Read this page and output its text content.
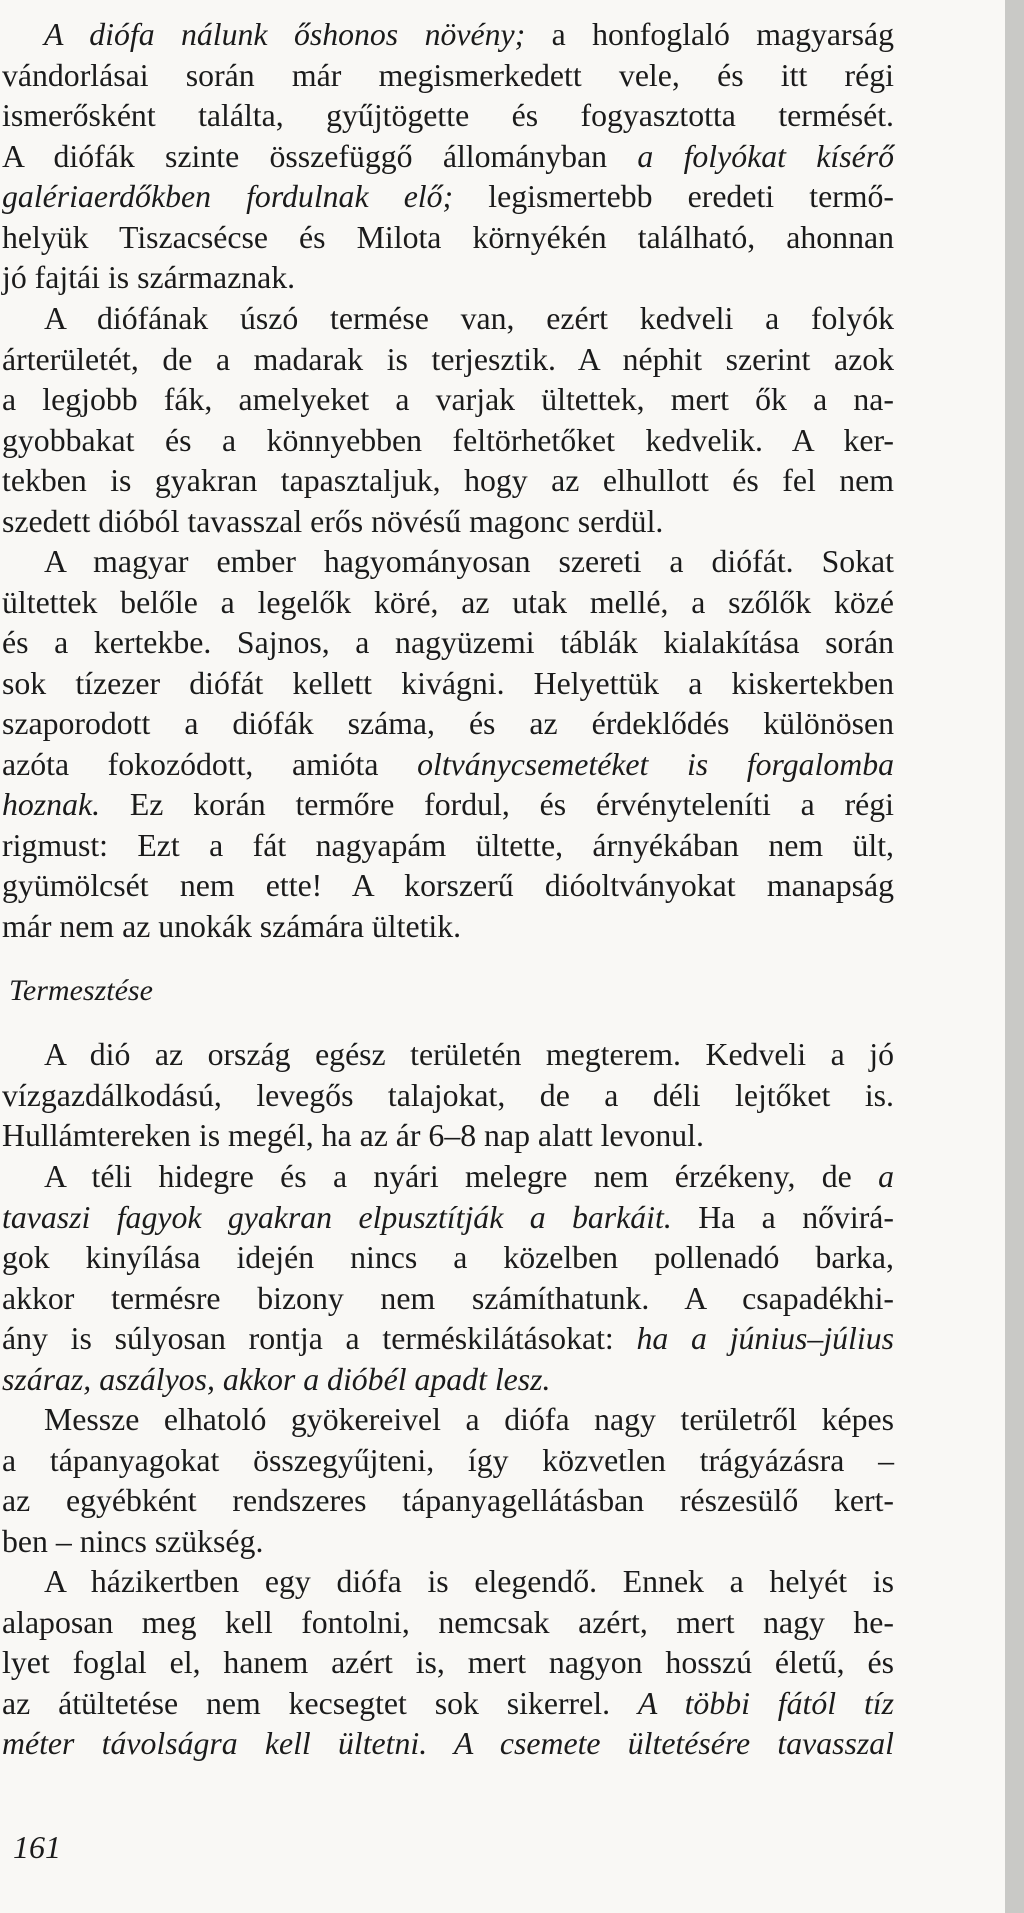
A diófa nálunk őshonos növény; a honfoglaló magyarság
vándorlásai során már megismerkedett vele, és itt régi
ismerősként találta, gyűjtögette és fogyasztotta termését.
A diófák szinte összefüggő állományban a folyókat kísérő
galériaerdőkben fordulnak elő; legismertebb eredeti termő-
helyük Tiszacsécse és Milota környékén található, ahonnan
jó fajtái is származnak.
A diófának úszó termése van, ezért kedveli a folyók
árterületét, de a madarak is terjesztik. A néphit szerint azok
a legjobb fák, amelyeket a varjak ültettek, mert ők a na-
gyobbakat és a könnyebben feltörhetőket kedvelik. A ker-
tekben is gyakran tapasztaljuk, hogy az elhullott és fel nem
szedett dióból tavasszal erős növésű magonc serdül.
A magyar ember hagyományosan szereti a diófát. Sokat
ültettek belőle a legelők köré, az utak mellé, a szőlők közé
és a kertekbe. Sajnos, a nagyüzemi táblák kialakítása során
sok tízezer diófát kellett kivágni. Helyettük a kiskertekben
szaporodott a diófák száma, és az érdeklődés különösen
azóta fokozódott, amióta oltványcsemetéket is forgalomba
hoznak. Ez korán termőre fordul, és érvényteleníti a régi
rigmust: Ezt a fát nagyapám ültette, árnyékában nem ült,
gyümölcsét nem ette! A korszerű dióoltványokat manapság
már nem az unokák számára ültetik.
Termesztése
A dió az ország egész területén megterem. Kedveli a jó
vízgazdálkodású, levegős talajokat, de a déli lejtőket is.
Hullámtereken is megél, ha az ár 6–8 nap alatt levonul.
A téli hidegre és a nyári melegre nem érzékeny, de a
tavaszi fagyok gyakran elpusztítják a barkáit. Ha a nővirá-
gok kinyílása idején nincs a közelben pollenadó barka,
akkor termésre bizony nem számíthatunk. A csapadékhi-
ány is súlyosan rontja a terméskilátásokat: ha a június–július
száraz, aszályos, akkor a dióbél apadt lesz.
Messze elhatoló gyökereivel a diófa nagy területről képes
a tápanyagokat összegyűjteni, így közvetlen trágyázásra –
az egyébként rendszeres tápanyagellátásban részesülő kert-
ben – nincs szükség.
A házikertben egy diófa is elegendő. Ennek a helyét is
alaposan meg kell fontolni, nemcsak azért, mert nagy he-
lyet foglal el, hanem azért is, mert nagyon hosszú életű, és
az átültetése nem kecsegtet sok sikerrel. A többi fától tíz
méter távolságra kell ültetni. A csemete ültetésére tavasszal
161
